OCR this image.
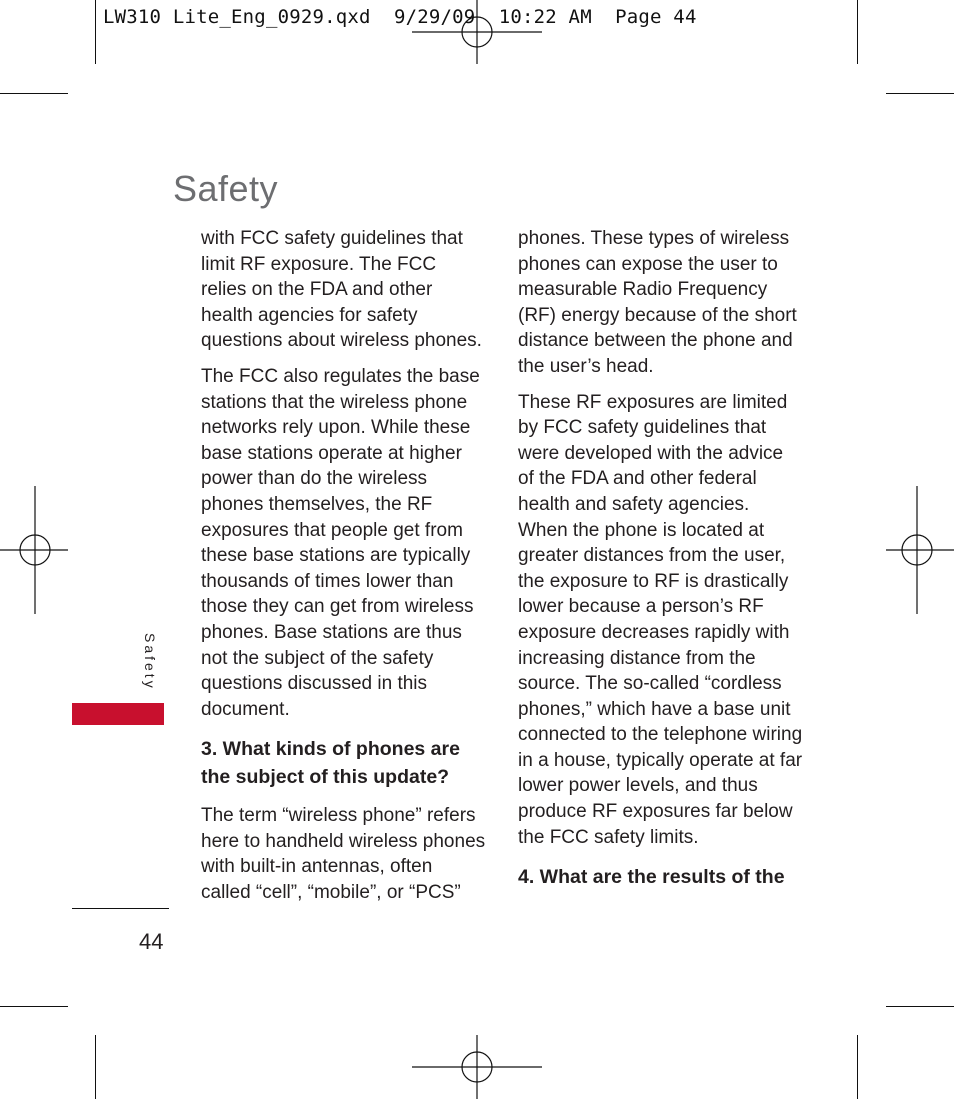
LW310 Lite_Eng_0929.qxd  9/29/09  10:22 AM  Page 44
Safety

with FCC safety guidelines that limit RF exposure. The FCC relies on the FDA and other health agencies for safety questions about wireless phones.

The FCC also regulates the base stations that the wireless phone networks rely upon. While these base stations operate at higher power than do the wireless phones themselves, the RF exposures that people get from these base stations are typically thousands of times lower than those they can get from wireless phones. Base stations are thus not the subject of the safety questions discussed in this document.

3. What kinds of phones are the subject of this update?

The term “wireless phone” refers here to handheld wireless phones with built-in antennas, often called “cell”, “mobile”, or “PCS”

phones. These types of wireless phones can expose the user to measurable Radio Frequency (RF) energy because of the short distance between the phone and the user’s head.

These RF exposures are limited by FCC safety guidelines that were developed with the advice of the FDA and other federal health and safety agencies. When the phone is located at greater distances from the user, the exposure to RF is drastically lower because a person’s RF exposure decreases rapidly with increasing distance from the source. The so-called “cordless phones,” which have a base unit connected to the telephone wiring in a house, typically operate at far lower power levels, and thus produce RF exposures far below the FCC safety limits.

4. What are the results of the
Safety
44
